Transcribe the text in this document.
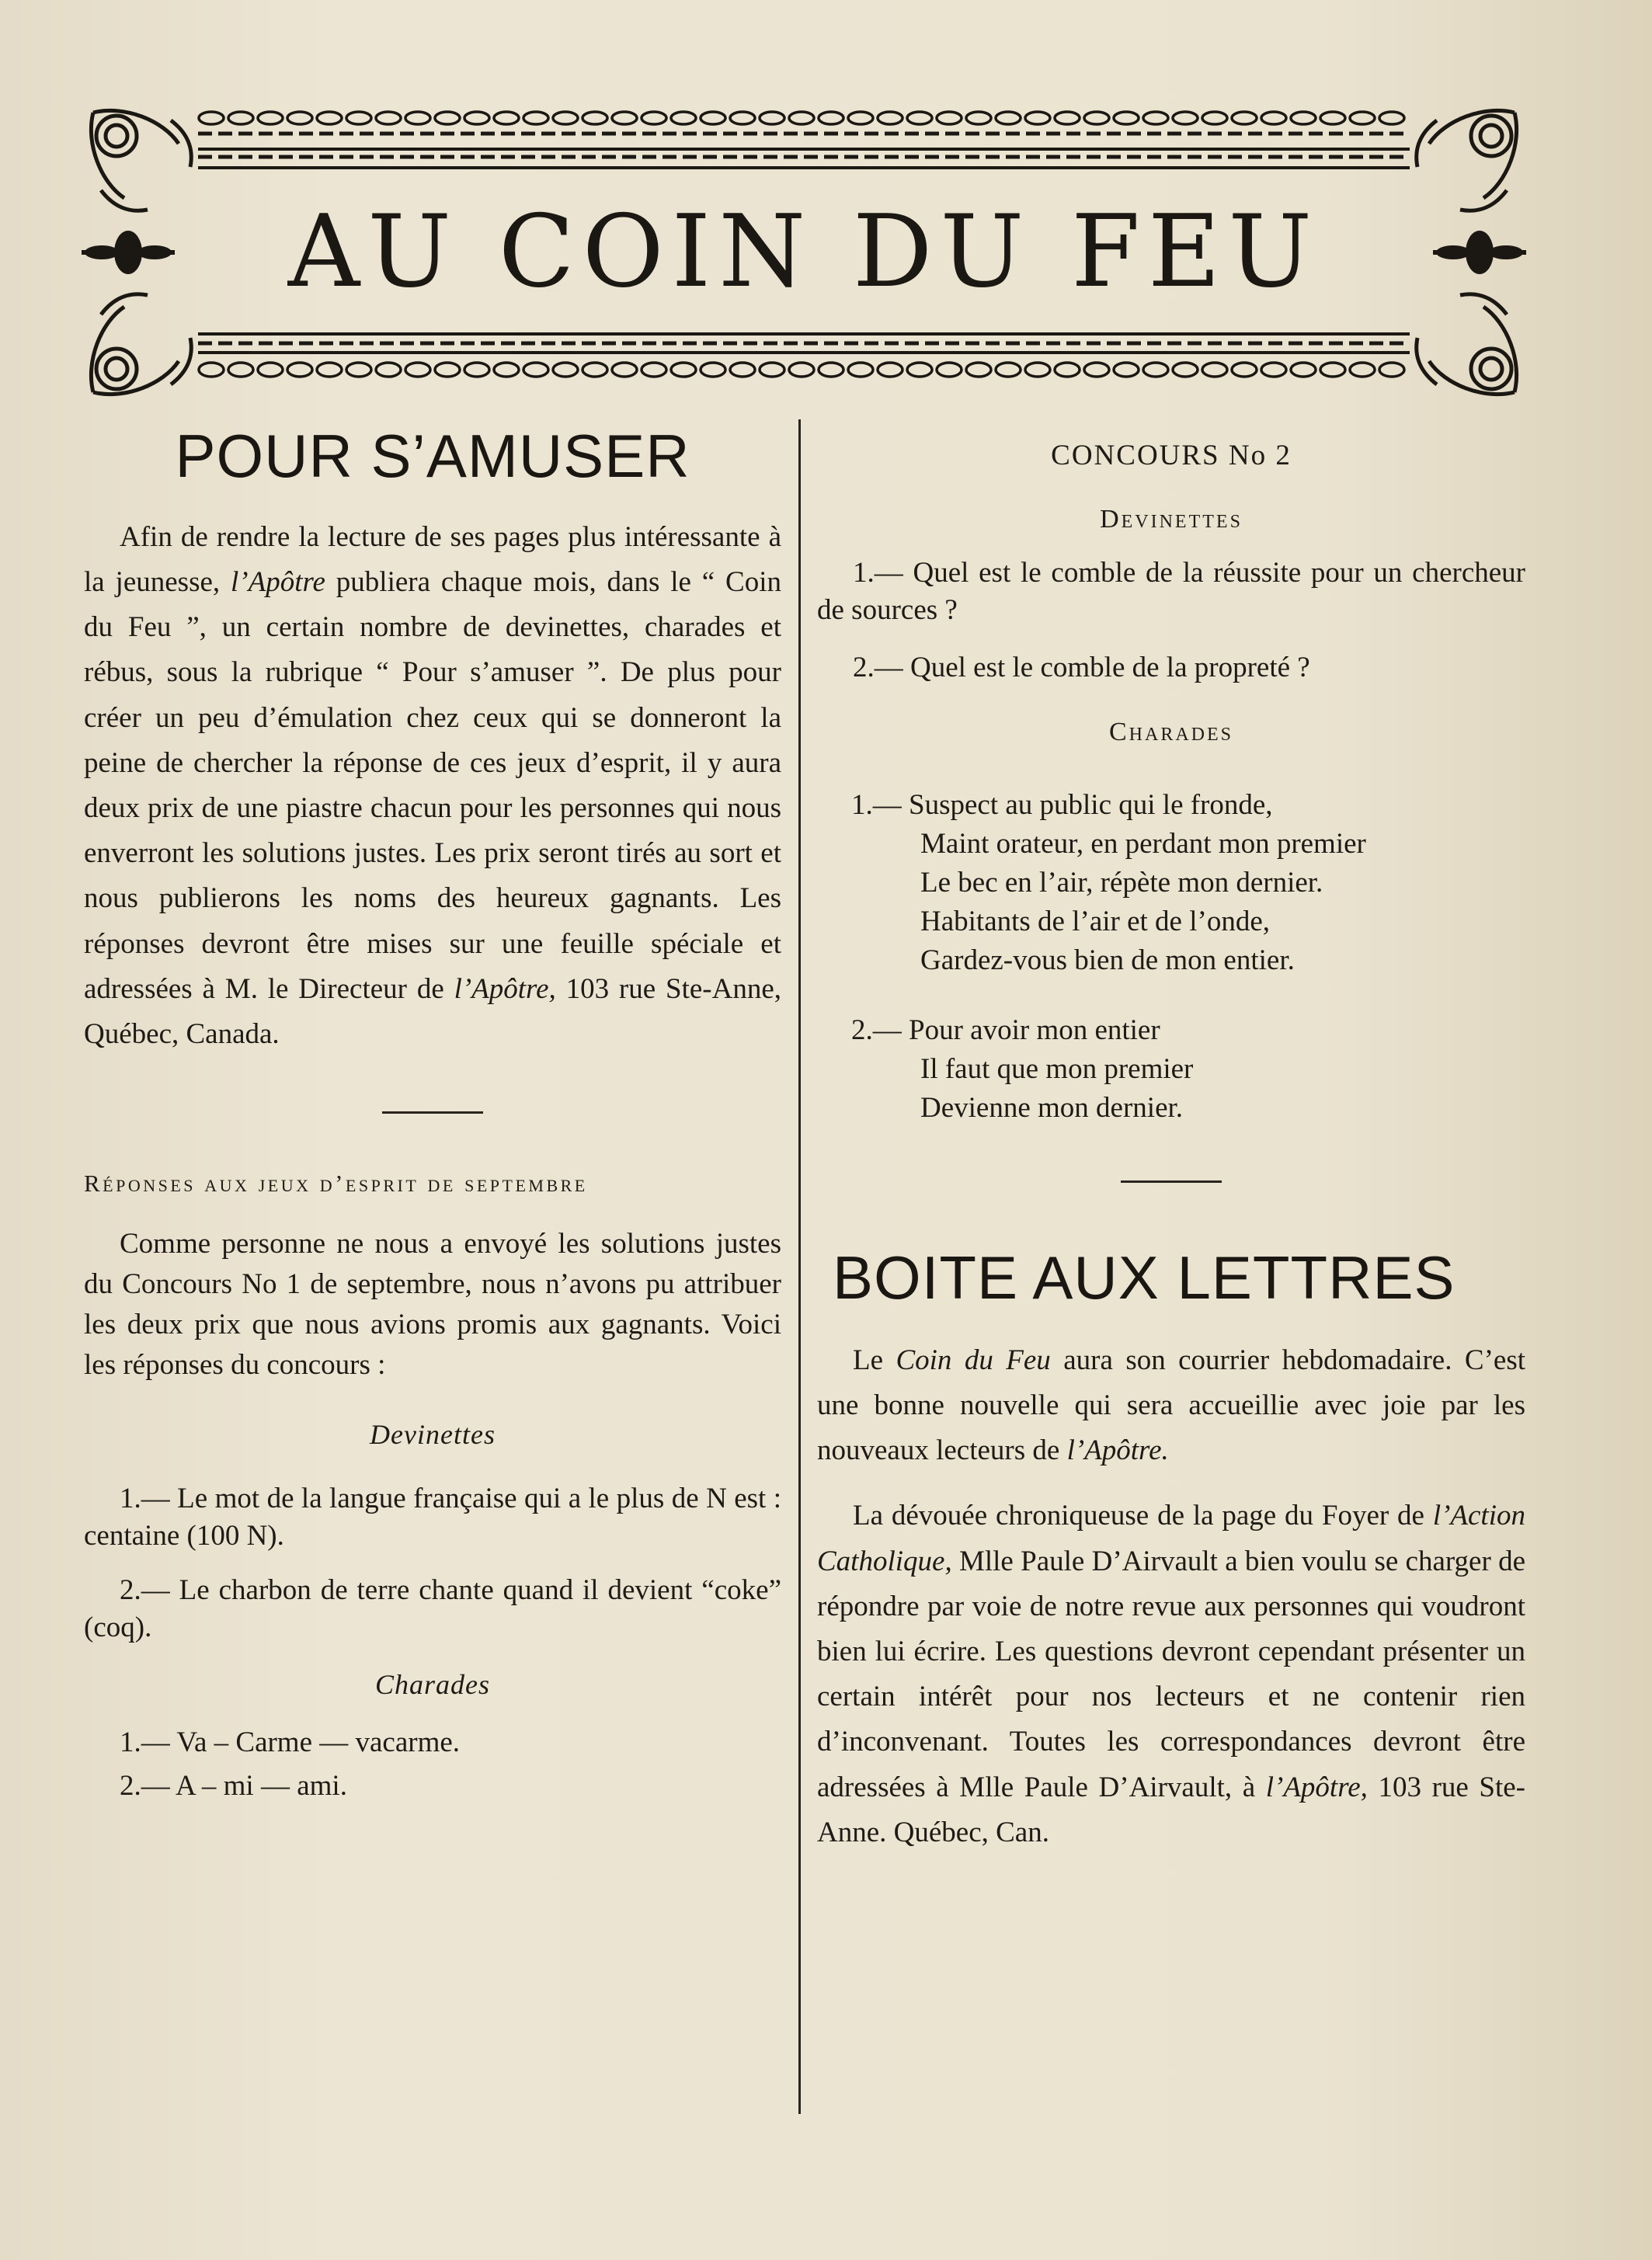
AU COIN DU FEU
POUR S’AMUSER

Afin de rendre la lecture de ses pages plus intéressante à la jeunesse, l’Apôtre publiera chaque mois, dans le “ Coin du Feu ”, un certain nombre de devinettes, charades et rébus, sous la rubrique “ Pour s’amuser ”. De plus pour créer un peu d’émulation chez ceux qui se donneront la peine de chercher la réponse de ces jeux d’esprit, il y aura deux prix de une piastre chacun pour les personnes qui nous enverront les solutions justes. Les prix seront tirés au sort et nous publierons les noms des heureux gagnants. Les réponses devront être mises sur une feuille spéciale et adressées à M. le Directeur de l’Apôtre, 103 rue Ste-Anne, Québec, Canada.

Réponses aux jeux d’esprit de septembre

Comme personne ne nous a envoyé les solutions justes du Concours No 1 de septembre, nous n’avons pu attribuer les deux prix que nous avions promis aux gagnants. Voici les réponses du concours :

Devinettes

1.— Le mot de la langue française qui a le plus de N est : centaine (100 N).

2.— Le charbon de terre chante quand il devient “coke” (coq).

Charades

1.— Va – Carme — vacarme.

2.— A – mi — ami.

CONCOURS No 2
Devinettes

1.— Quel est le comble de la réussite pour un chercheur de sources ?

2.— Quel est le comble de la propreté ?

Charades
1.— Suspect au public qui le fronde,
Maint orateur, en perdant mon premier
Le bec en l’air, répète mon dernier.
Habitants de l’air et de l’onde,
Gardez-vous bien de mon entier.
2.— Pour avoir mon entier
Il faut que mon premier
Devienne mon dernier.
BOITE AUX LETTRES

Le Coin du Feu aura son courrier hebdomadaire. C’est une bonne nouvelle qui sera accueillie avec joie par les nouveaux lecteurs de l’Apôtre.

La dévouée chroniqueuse de la page du Foyer de l’Action Catholique, Mlle Paule D’Airvault a bien voulu se charger de répondre par voie de notre revue aux personnes qui voudront bien lui écrire. Les questions devront cependant présenter un certain intérêt pour nos lecteurs et ne contenir rien d’inconvenant. Toutes les correspondances devront être adressées à Mlle Paule D’Airvault, à l’Apôtre, 103 rue Ste-Anne. Québec, Can.
